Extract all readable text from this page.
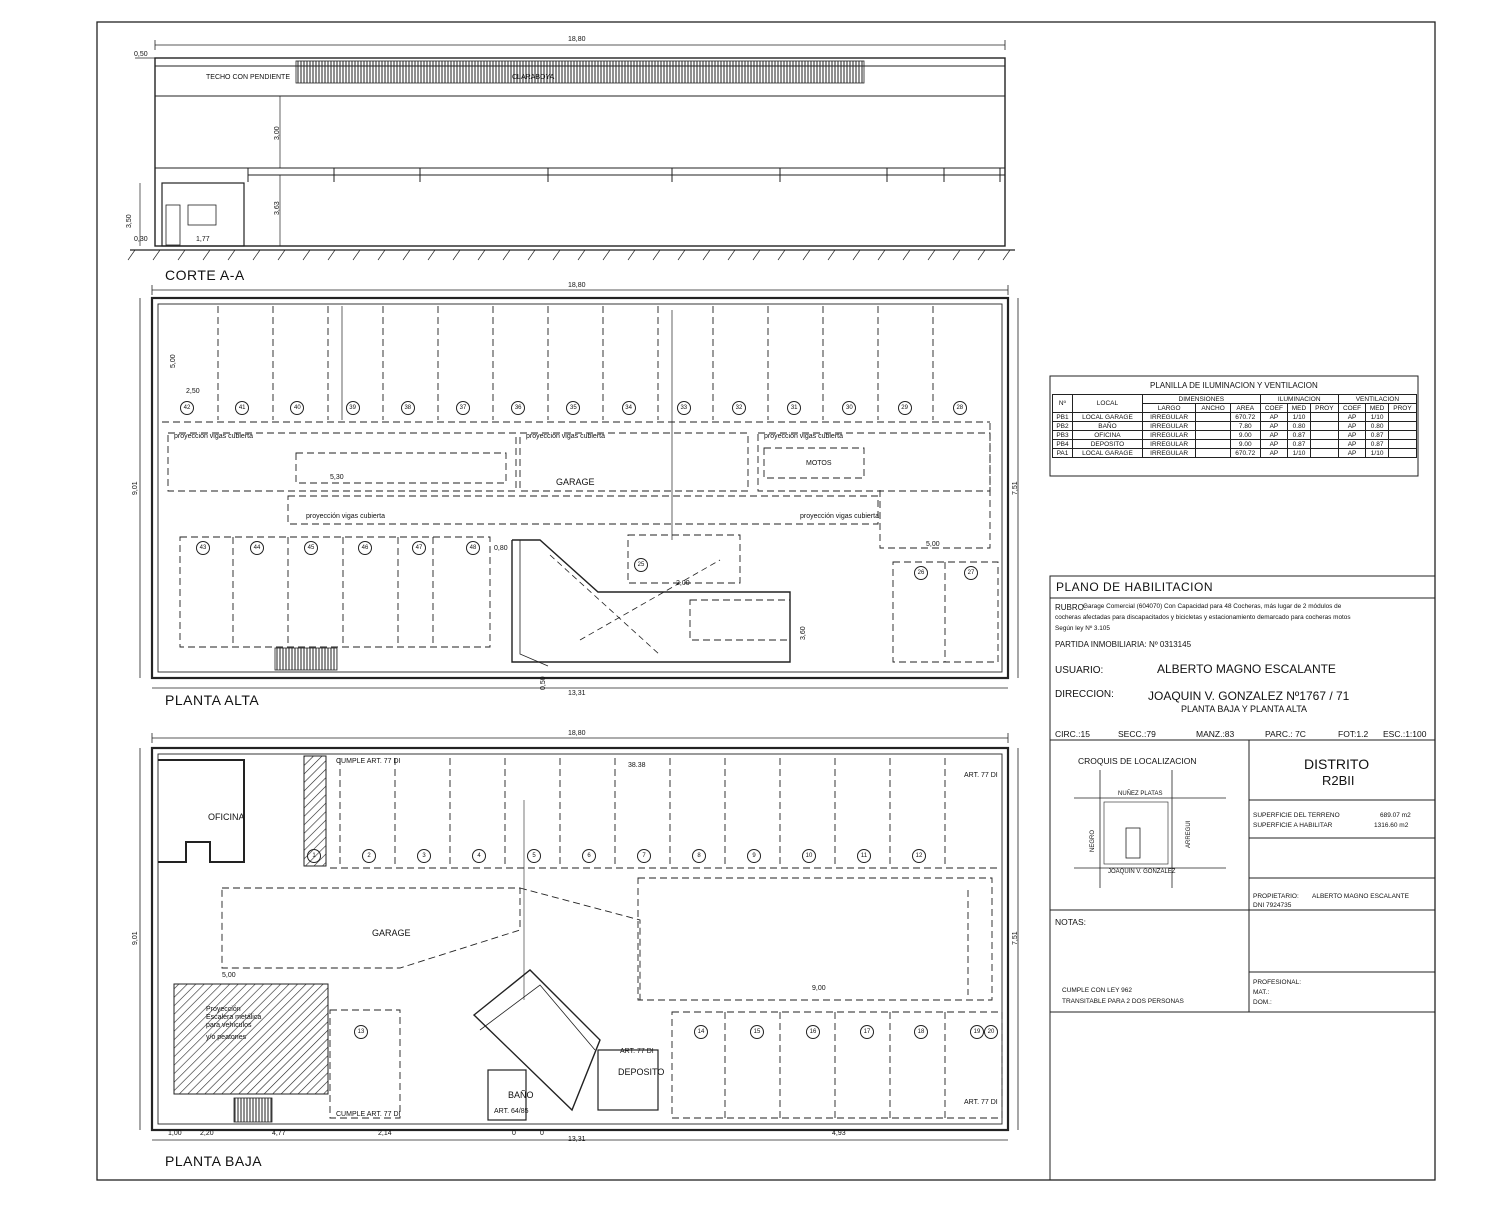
CORTE A-A
18,80
TECHO CON PENDIENTE	CLARABOYA
3,00
3,63
0,50
3,50
0,30	1,77
PLANTA ALTA
18,80
13,31
7,51
9,01	GARAGE
proyección vigas cubierta	proyección vigas cubierta	proyección vigas cubierta
proyección vigas cubierta	proyección vigas cubierta
MOTOS
2,50
5,00
5,30
5,00
2,00
3,60
0,80
0,50
PLANTA BAJA
18,80
13,31
7,51
9,01
OFICINA
GARAGE
BAÑO
DEPOSITO
CUMPLE ART. 77 DI
ART. 77 DI
ART. 77 DI
CUMPLE ART. 77 DI
ART. 77 DI
ART. 64/85
38.38
9,00
5,00
1,00	2,20	4,77	2,14	0	0	4,93
Proyección
Escalera metálica
para vehículos
y/o peatones
42	41	40	39	38	37	36	35	34	33	32	31	30	29	28
43	44	45	46	47	48
25
26	27
1	2	3	4	5	6	7	8	9	10	11	12
13	14	15	16	17	18	19	20
PLANILLA DE ILUMINACION Y VENTILACION
Nº	LOCAL	DIMENSIONES			ILUMINACION			VENTILACION		
		LARGO	ANCHO	AREA	COEF	MED	PROY	COEF	MED	PROY
PB1	LOCAL GARAGE	IRREGULAR		670.72	AP	1/10		AP	1/10	
PB2	BAÑO	IRREGULAR		7.80	AP	0.80		AP	0.80	
PB3	OFICINA	IRREGULAR		9.00	AP	0.87		AP	0.87	
PB4	DEPOSITO	IRREGULAR		9.00	AP	0.87		AP	0.87	
PA1	LOCAL GARAGE	IRREGULAR		670.72	AP	1/10		AP	1/10	
PLANO DE HABILITACION
RUBRO:
Garage Comercial (604070) Con Capacidad para 48 Cocheras, más lugar de 2 módulos de
cocheras afectadas para discapacitados y bicicletas y estacionamiento demarcado para cocheras motos
Según ley Nº 3.105
PARTIDA INMOBILIARIA: Nº 0313145
USUARIO:	ALBERTO MAGNO ESCALANTE
DIRECCION:	JOAQUIN V. GONZALEZ Nº1767 / 71
PLANTA BAJA Y PLANTA ALTA
CIRC.:15	SECC.:79	MANZ.:83	PARC.: 7C	FOT:1.2 ESC.:1:100
CROQUIS DE LOCALIZACION
NUÑEZ PLATAS
JOAQUIN V. GONZALEZ
NEGRO	ARREGUI
DISTRITO
R2BII
SUPERFICIE DEL TERRENO	689.07 m2
SUPERFICIE A HABILITAR	1316.60 m2
PROPIETARIO: ALBERTO MAGNO ESCALANTE
DNI 7924735
NOTAS:
CUMPLE CON LEY 962
TRANSITABLE PARA 2 DOS PERSONAS
PROFESIONAL:
MAT.:
DOM.:
